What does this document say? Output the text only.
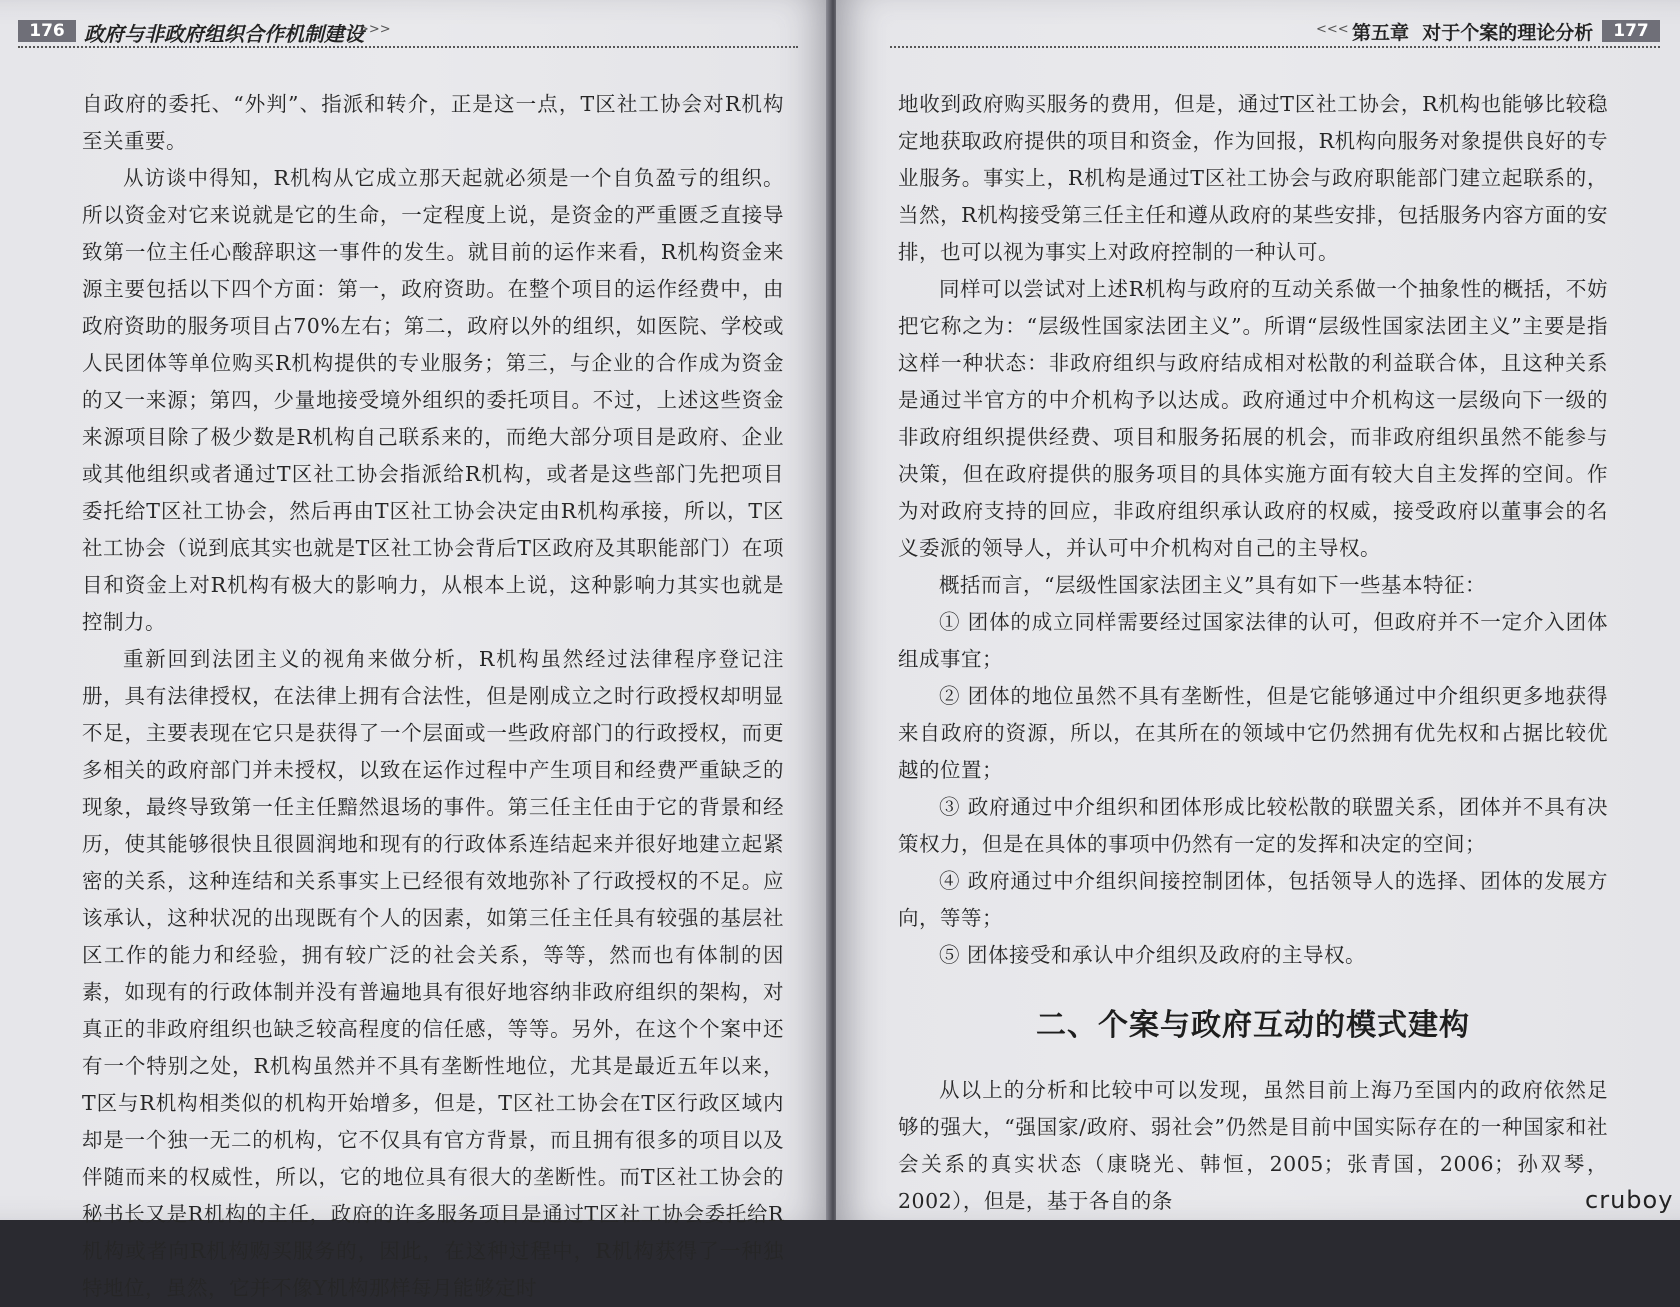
176 政府与非政府组织合作机制建设
>>>

自政府的委托、“外判”、指派和转介，正是这一点，T区社工协会对R机构至关重要。

从访谈中得知，R机构从它成立那天起就必须是一个自负盈亏的组织。所以资金对它来说就是它的生命，一定程度上说，是资金的严重匮乏直接导致第一位主任心酸辞职这一事件的发生。就目前的运作来看，R机构资金来源主要包括以下四个方面：第一，政府资助。在整个项目的运作经费中，由政府资助的服务项目占70%左右；第二，政府以外的组织，如医院、学校或人民团体等单位购买R机构提供的专业服务；第三，与企业的合作成为资金的又一来源；第四，少量地接受境外组织的委托项目。不过，上述这些资金来源项目除了极少数是R机构自己联系来的，而绝大部分项目是政府、企业或其他组织或者通过T区社工协会指派给R机构，或者是这些部门先把项目委托给T区社工协会，然后再由T区社工协会决定由R机构承接，所以，T区社工协会（说到底其实也就是T区社工协会背后T区政府及其职能部门）在项目和资金上对R机构有极大的影响力，从根本上说，这种影响力其实也就是控制力。

重新回到法团主义的视角来做分析，R机构虽然经过法律程序登记注册，具有法律授权，在法律上拥有合法性，但是刚成立之时行政授权却明显不足，主要表现在它只是获得了一个层面或一些政府部门的行政授权，而更多相关的政府部门并未授权，以致在运作过程中产生项目和经费严重缺乏的现象，最终导致第一任主任黯然退场的事件。第三任主任由于它的背景和经历，使其能够很快且很圆润地和现有的行政体系连结起来并很好地建立起紧密的关系，这种连结和关系事实上已经很有效地弥补了行政授权的不足。应该承认，这种状况的出现既有个人的因素，如第三任主任具有较强的基层社区工作的能力和经验，拥有较广泛的社会关系，等等，然而也有体制的因素，如现有的行政体制并没有普遍地具有很好地容纳非政府组织的架构，对真正的非政府组织也缺乏较高程度的信任感，等等。另外，在这个个案中还有一个特别之处，R机构虽然并不具有垄断性地位，尤其是最近五年以来，T区与R机构相类似的机构开始增多，但是，T区社工协会在T区行政区域内却是一个独一无二的机构，它不仅具有官方背景，而且拥有很多的项目以及伴随而来的权威性，所以，它的地位具有很大的垄断性。而T区社工协会的秘书长又是R机构的主任，政府的许多服务项目是通过T区社工协会委托给R机构或者向R机构购买服务的，因此，在这种过程中，R机构获得了一种独特地位，虽然，它并不像Y机构那样每月能够定时

<<< 第五章 对于个案的理论分析	177

地收到政府购买服务的费用，但是，通过T区社工协会，R机构也能够比较稳定地获取政府提供的项目和资金，作为回报，R机构向服务对象提供良好的专业服务。事实上，R机构是通过T区社工协会与政府职能部门建立起联系的，当然，R机构接受第三任主任和遵从政府的某些安排，包括服务内容方面的安排，也可以视为事实上对政府控制的一种认可。

同样可以尝试对上述R机构与政府的互动关系做一个抽象性的概括，不妨把它称之为：“层级性国家法团主义”。所谓“层级性国家法团主义”主要是指这样一种状态：非政府组织与政府结成相对松散的利益联合体，且这种关系是通过半官方的中介机构予以达成。政府通过中介机构这一层级向下一级的非政府组织提供经费、项目和服务拓展的机会，而非政府组织虽然不能参与决策，但在政府提供的服务项目的具体实施方面有较大自主发挥的空间。作为对政府支持的回应，非政府组织承认政府的权威，接受政府以董事会的名义委派的领导人，并认可中介机构对自己的主导权。

概括而言，“层级性国家法团主义”具有如下一些基本特征：

① 团体的成立同样需要经过国家法律的认可，但政府并不一定介入团体组成事宜；

② 团体的地位虽然不具有垄断性，但是它能够通过中介组织更多地获得来自政府的资源，所以，在其所在的领域中它仍然拥有优先权和占据比较优越的位置；

③ 政府通过中介组织和团体形成比较松散的联盟关系，团体并不具有决策权力，但是在具体的事项中仍然有一定的发挥和决定的空间；

④ 政府通过中介组织间接控制团体，包括领导人的选择、团体的发展方向，等等；

⑤ 团体接受和承认中介组织及政府的主导权。

二、个案与政府互动的模式建构

从以上的分析和比较中可以发现，虽然目前上海乃至国内的政府依然足够的强大，“强国家/政府、弱社会”仍然是目前中国实际存在的一种国家和社会关系的真实状态（康晓光、韩恒，2005；张青国，2006；孙双琴，2002），但是，基于各自的条	cruboy
